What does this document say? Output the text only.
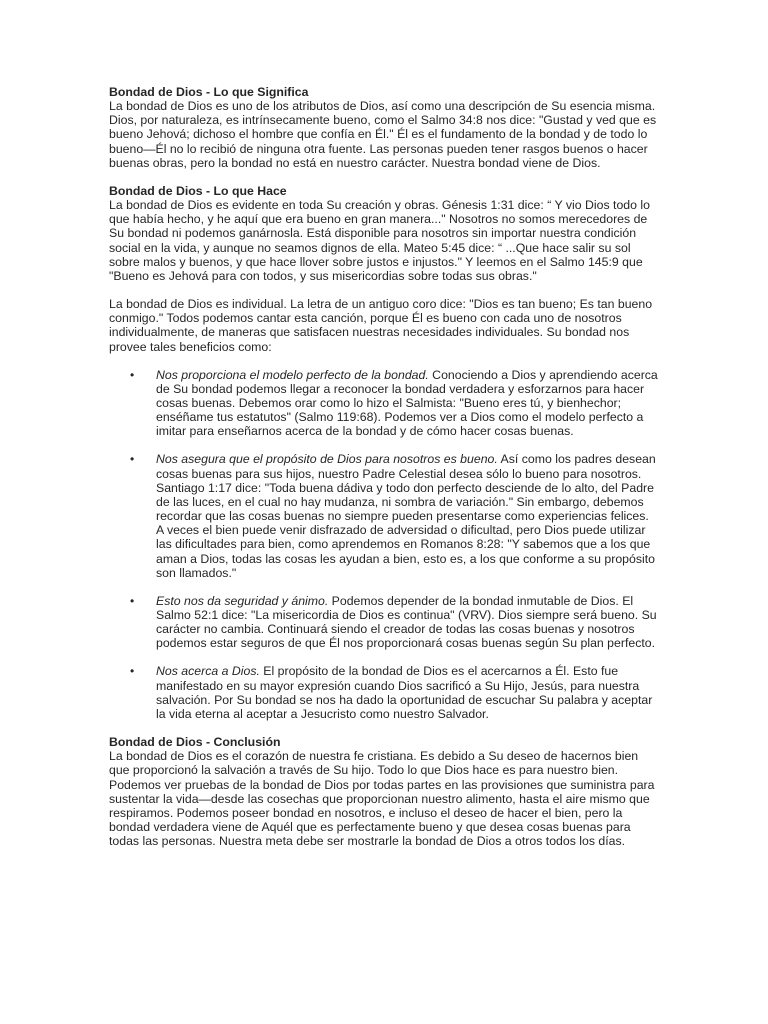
Bondad de Dios - Lo que Significa

La bondad de Dios es uno de los atributos de Dios, así como una descripción de Su esencia misma. Dios, por naturaleza, es intrínsecamente bueno, como el Salmo 34:8 nos dice: "Gustad y ved que es bueno Jehová; dichoso el hombre que confía en Él." Él es el fundamento de la bondad y de todo lo bueno—Él no lo recibió de ninguna otra fuente. Las personas pueden tener rasgos buenos o hacer buenas obras, pero la bondad no está en nuestro carácter. Nuestra bondad viene de Dios.

Bondad de Dios - Lo que Hace

La bondad de Dios es evidente en toda Su creación y obras. Génesis 1:31 dice: “ Y vio Dios todo lo que había hecho, y he aquí que era bueno en gran manera..." Nosotros no somos merecedores de Su bondad ni podemos ganárnosla. Está disponible para nosotros sin importar nuestra condición social en la vida, y aunque no seamos dignos de ella. Mateo 5:45 dice: “ ...Que hace salir su sol sobre malos y buenos, y que hace llover sobre justos e injustos." Y leemos en el Salmo 145:9 que "Bueno es Jehová para con todos, y sus misericordias sobre todas sus obras."

La bondad de Dios es individual. La letra de un antiguo coro dice: "Dios es tan bueno; Es tan bueno conmigo." Todos podemos cantar esta canción, porque Él es bueno con cada uno de nosotros individualmente, de maneras que satisfacen nuestras necesidades individuales. Su bondad nos provee tales beneficios como:

• Nos proporciona el modelo perfecto de la bondad. Conociendo a Dios y aprendiendo acerca de Su bondad podemos llegar a reconocer la bondad verdadera y esforzarnos para hacer cosas buenas. Debemos orar como lo hizo el Salmista: "Bueno eres tú, y bienhechor; enséñame tus estatutos" (Salmo 119:68). Podemos ver a Dios como el modelo perfecto a imitar para enseñarnos acerca de la bondad y de cómo hacer cosas buenas.
• Nos asegura que el propósito de Dios para nosotros es bueno. Así como los padres desean cosas buenas para sus hijos, nuestro Padre Celestial desea sólo lo bueno para nosotros. Santiago 1:17 dice: "Toda buena dádiva y todo don perfecto desciende de lo alto, del Padre de las luces, en el cual no hay mudanza, ni sombra de variación." Sin embargo, debemos recordar que las cosas buenas no siempre pueden presentarse como experiencias felices. A veces el bien puede venir disfrazado de adversidad o dificultad, pero Dios puede utilizar las dificultades para bien, como aprendemos en Romanos 8:28: "Y sabemos que a los que aman a Dios, todas las cosas les ayudan a bien, esto es, a los que conforme a su propósito son llamados."
• Esto nos da seguridad y ánimo. Podemos depender de la bondad inmutable de Dios. El Salmo 52:1 dice: "La misericordia de Dios es continua" (VRV). Dios siempre será bueno. Su carácter no cambia. Continuará siendo el creador de todas las cosas buenas y nosotros podemos estar seguros de que Él nos proporcionará cosas buenas según Su plan perfecto.
• Nos acerca a Dios. El propósito de la bondad de Dios es el acercarnos a Él. Esto fue manifestado en su mayor expresión cuando Dios sacrificó a Su Hijo, Jesús, para nuestra salvación. Por Su bondad se nos ha dado la oportunidad de escuchar Su palabra y aceptar la vida eterna al aceptar a Jesucristo como nuestro Salvador.
Bondad de Dios - Conclusión

La bondad de Dios es el corazón de nuestra fe cristiana. Es debido a Su deseo de hacernos bien que proporcionó la salvación a través de Su hijo. Todo lo que Dios hace es para nuestro bien. Podemos ver pruebas de la bondad de Dios por todas partes en las provisiones que suministra para sustentar la vida—desde las cosechas que proporcionan nuestro alimento, hasta el aire mismo que respiramos. Podemos poseer bondad en nosotros, e incluso el deseo de hacer el bien, pero la bondad verdadera viene de Aquél que es perfectamente bueno y que desea cosas buenas para todas las personas. Nuestra meta debe ser mostrarle la bondad de Dios a otros todos los días.
